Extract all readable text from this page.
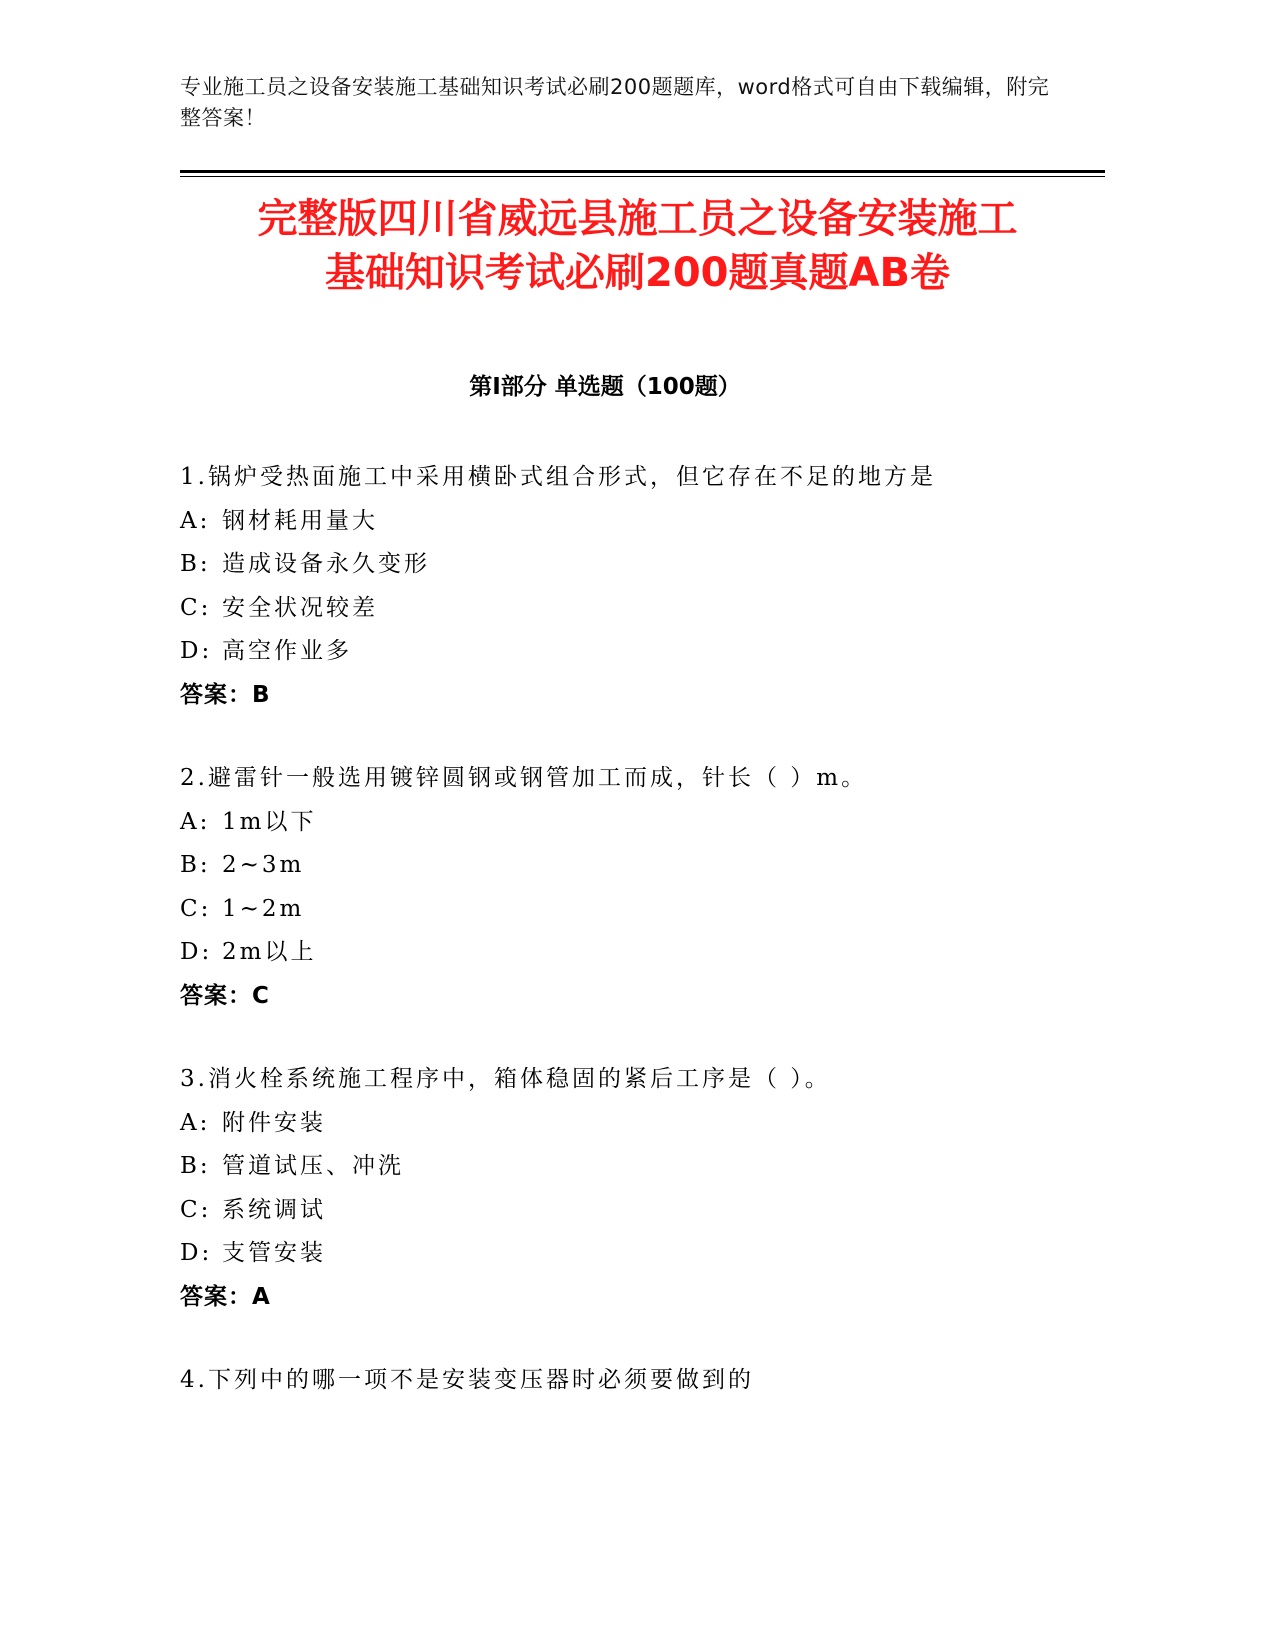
专业施工员之设备安装施工基础知识考试必刷200题题库，word格式可自由下载编辑，附完整答案！
完整版四川省威远县施工员之设备安装施工
基础知识考试必刷200题真题AB卷
第Ⅰ部分 单选题（100题）
1.锅炉受热面施工中采用横卧式组合形式，但它存在不足的地方是
A: 钢材耗用量大
B: 造成设备永久变形
C: 安全状况较差
D: 高空作业多
答案：B
2.避雷针一般选用镀锌圆钢或钢管加工而成，针长（ ）m。
A: 1m以下
B: 2~3m
C: 1~2m
D: 2m以上
答案：C
3.消火栓系统施工程序中，箱体稳固的紧后工序是（ ）。
A: 附件安装
B: 管道试压、冲洗
C: 系统调试
D: 支管安装
答案：A
4.下列中的哪一项不是安装变压器时必须要做到的
